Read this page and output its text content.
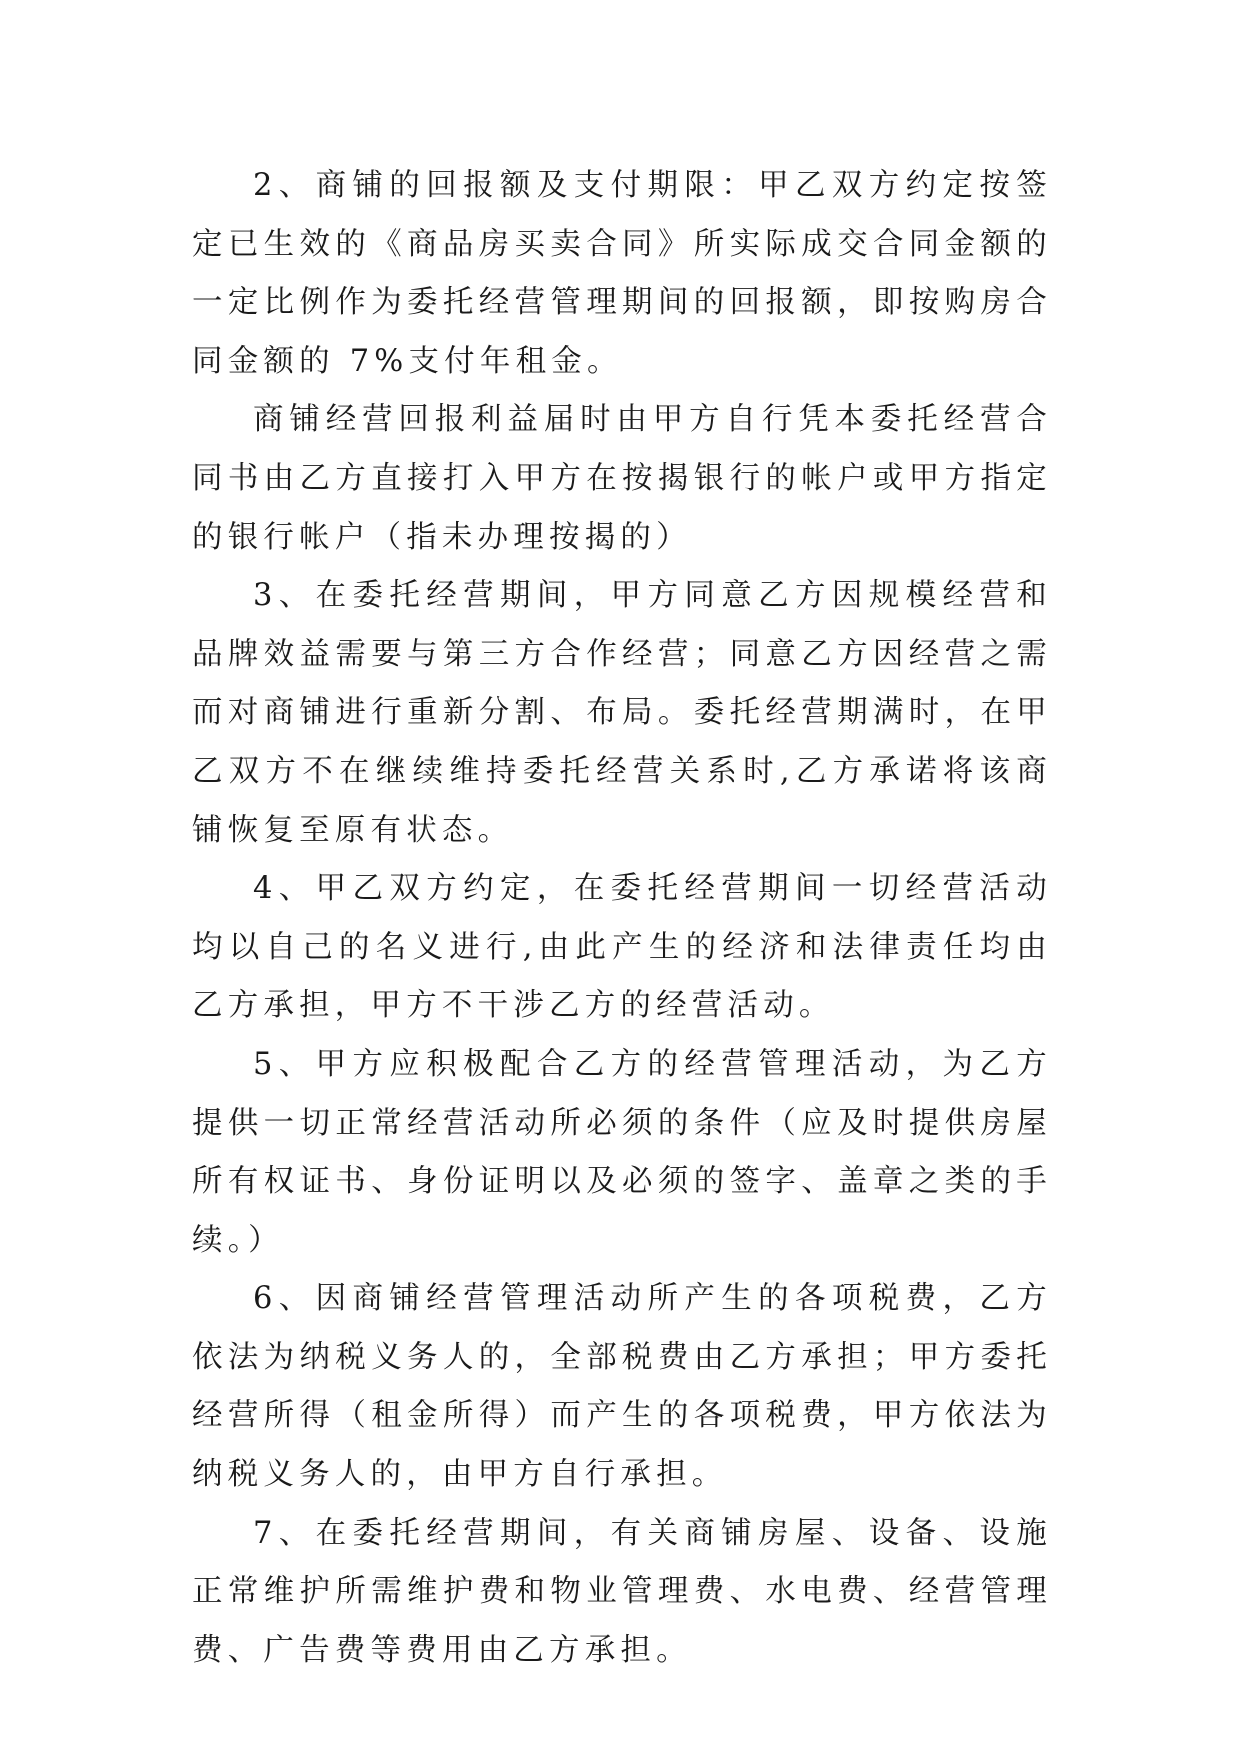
2、商铺的回报额及支付期限：甲乙双方约定按签定已生效的《商品房买卖合同》所实际成交合同金额的一定比例作为委托经营管理期间的回报额，即按购房合同金额的 7%支付年租金。

商铺经营回报利益届时由甲方自行凭本委托经营合同书由乙方直接打入甲方在按揭银行的帐户或甲方指定的银行帐户（指未办理按揭的）

3、在委托经营期间，甲方同意乙方因规模经营和品牌效益需要与第三方合作经营；同意乙方因经营之需而对商铺进行重新分割、布局。委托经营期满时，在甲乙双方不在继续维持委托经营关系时,乙方承诺将该商铺恢复至原有状态。

4、甲乙双方约定，在委托经营期间一切经营活动均以自己的名义进行,由此产生的经济和法律责任均由乙方承担，甲方不干涉乙方的经营活动。

5、甲方应积极配合乙方的经营管理活动，为乙方提供一切正常经营活动所必须的条件（应及时提供房屋所有权证书、身份证明以及必须的签字、盖章之类的手续。）

6、因商铺经营管理活动所产生的各项税费，乙方依法为纳税义务人的，全部税费由乙方承担；甲方委托经营所得（租金所得）而产生的各项税费，甲方依法为纳税义务人的，由甲方自行承担。

7、在委托经营期间，有关商铺房屋、设备、设施正常维护所需维护费和物业管理费、水电费、经营管理费、广告费等费用由乙方承担。
